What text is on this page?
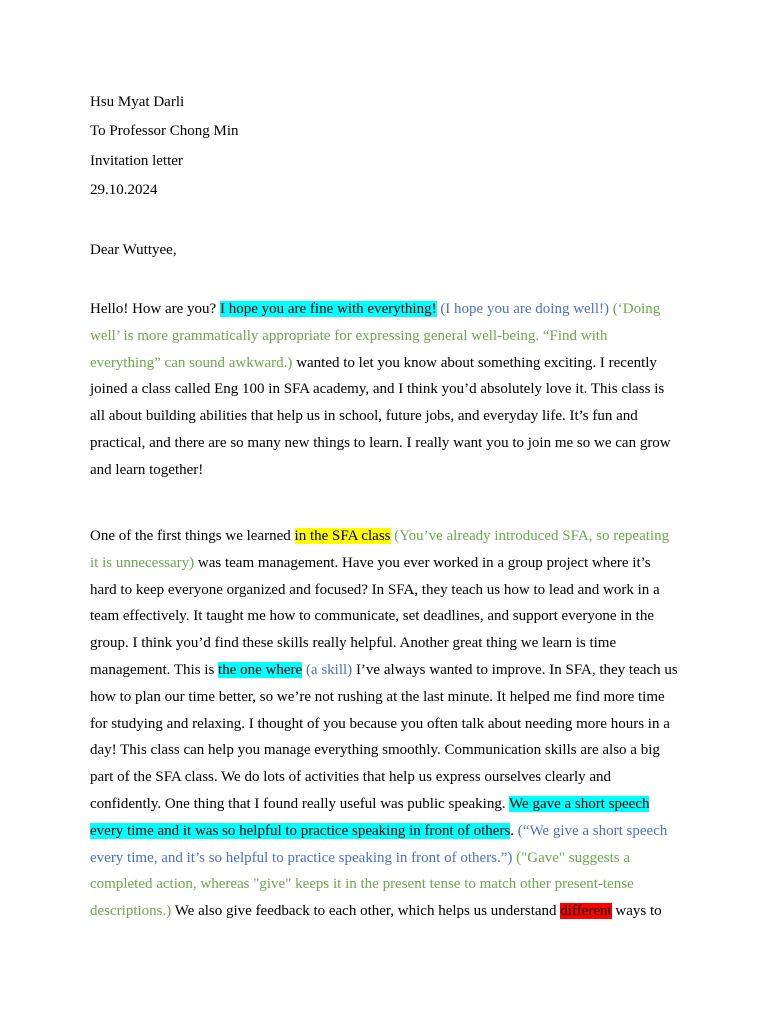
Hsu Myat Darli
To Professor Chong Min
Invitation letter
29.10.2024
Dear Wuttyee,
Hello! How are you? I hope you are fine with everything! (I hope you are doing well!) (‘Doing well’ is more grammatically appropriate for expressing general well-being. “Find with everything” can sound awkward.) wanted to let you know about something exciting. I recently joined a class called Eng 100 in SFA academy, and I think you’d absolutely love it. This class is all about building abilities that help us in school, future jobs, and everyday life. It’s fun and practical, and there are so many new things to learn. I really want you to join me so we can grow and learn together!
One of the first things we learned in the SFA class (You’ve already introduced SFA, so repeating it is unnecessary) was team management. Have you ever worked in a group project where it’s hard to keep everyone organized and focused? In SFA, they teach us how to lead and work in a team effectively. It taught me how to communicate, set deadlines, and support everyone in the group. I think you’d find these skills really helpful. Another great thing we learn is time management. This is the one where (a skill) I’ve always wanted to improve. In SFA, they teach us how to plan our time better, so we’re not rushing at the last minute. It helped me find more time for studying and relaxing. I thought of you because you often talk about needing more hours in a day! This class can help you manage everything smoothly. Communication skills are also a big part of the SFA class. We do lots of activities that help us express ourselves clearly and confidently. One thing that I found really useful was public speaking. We gave a short speech every time and it was so helpful to practice speaking in front of others. (“We give a short speech every time, and it’s so helpful to practice speaking in front of others.”) ("Gave" suggests a completed action, whereas "give" keeps it in the present tense to match other present-tense descriptions.) We also give feedback to each other, which helps us understand different ways to
